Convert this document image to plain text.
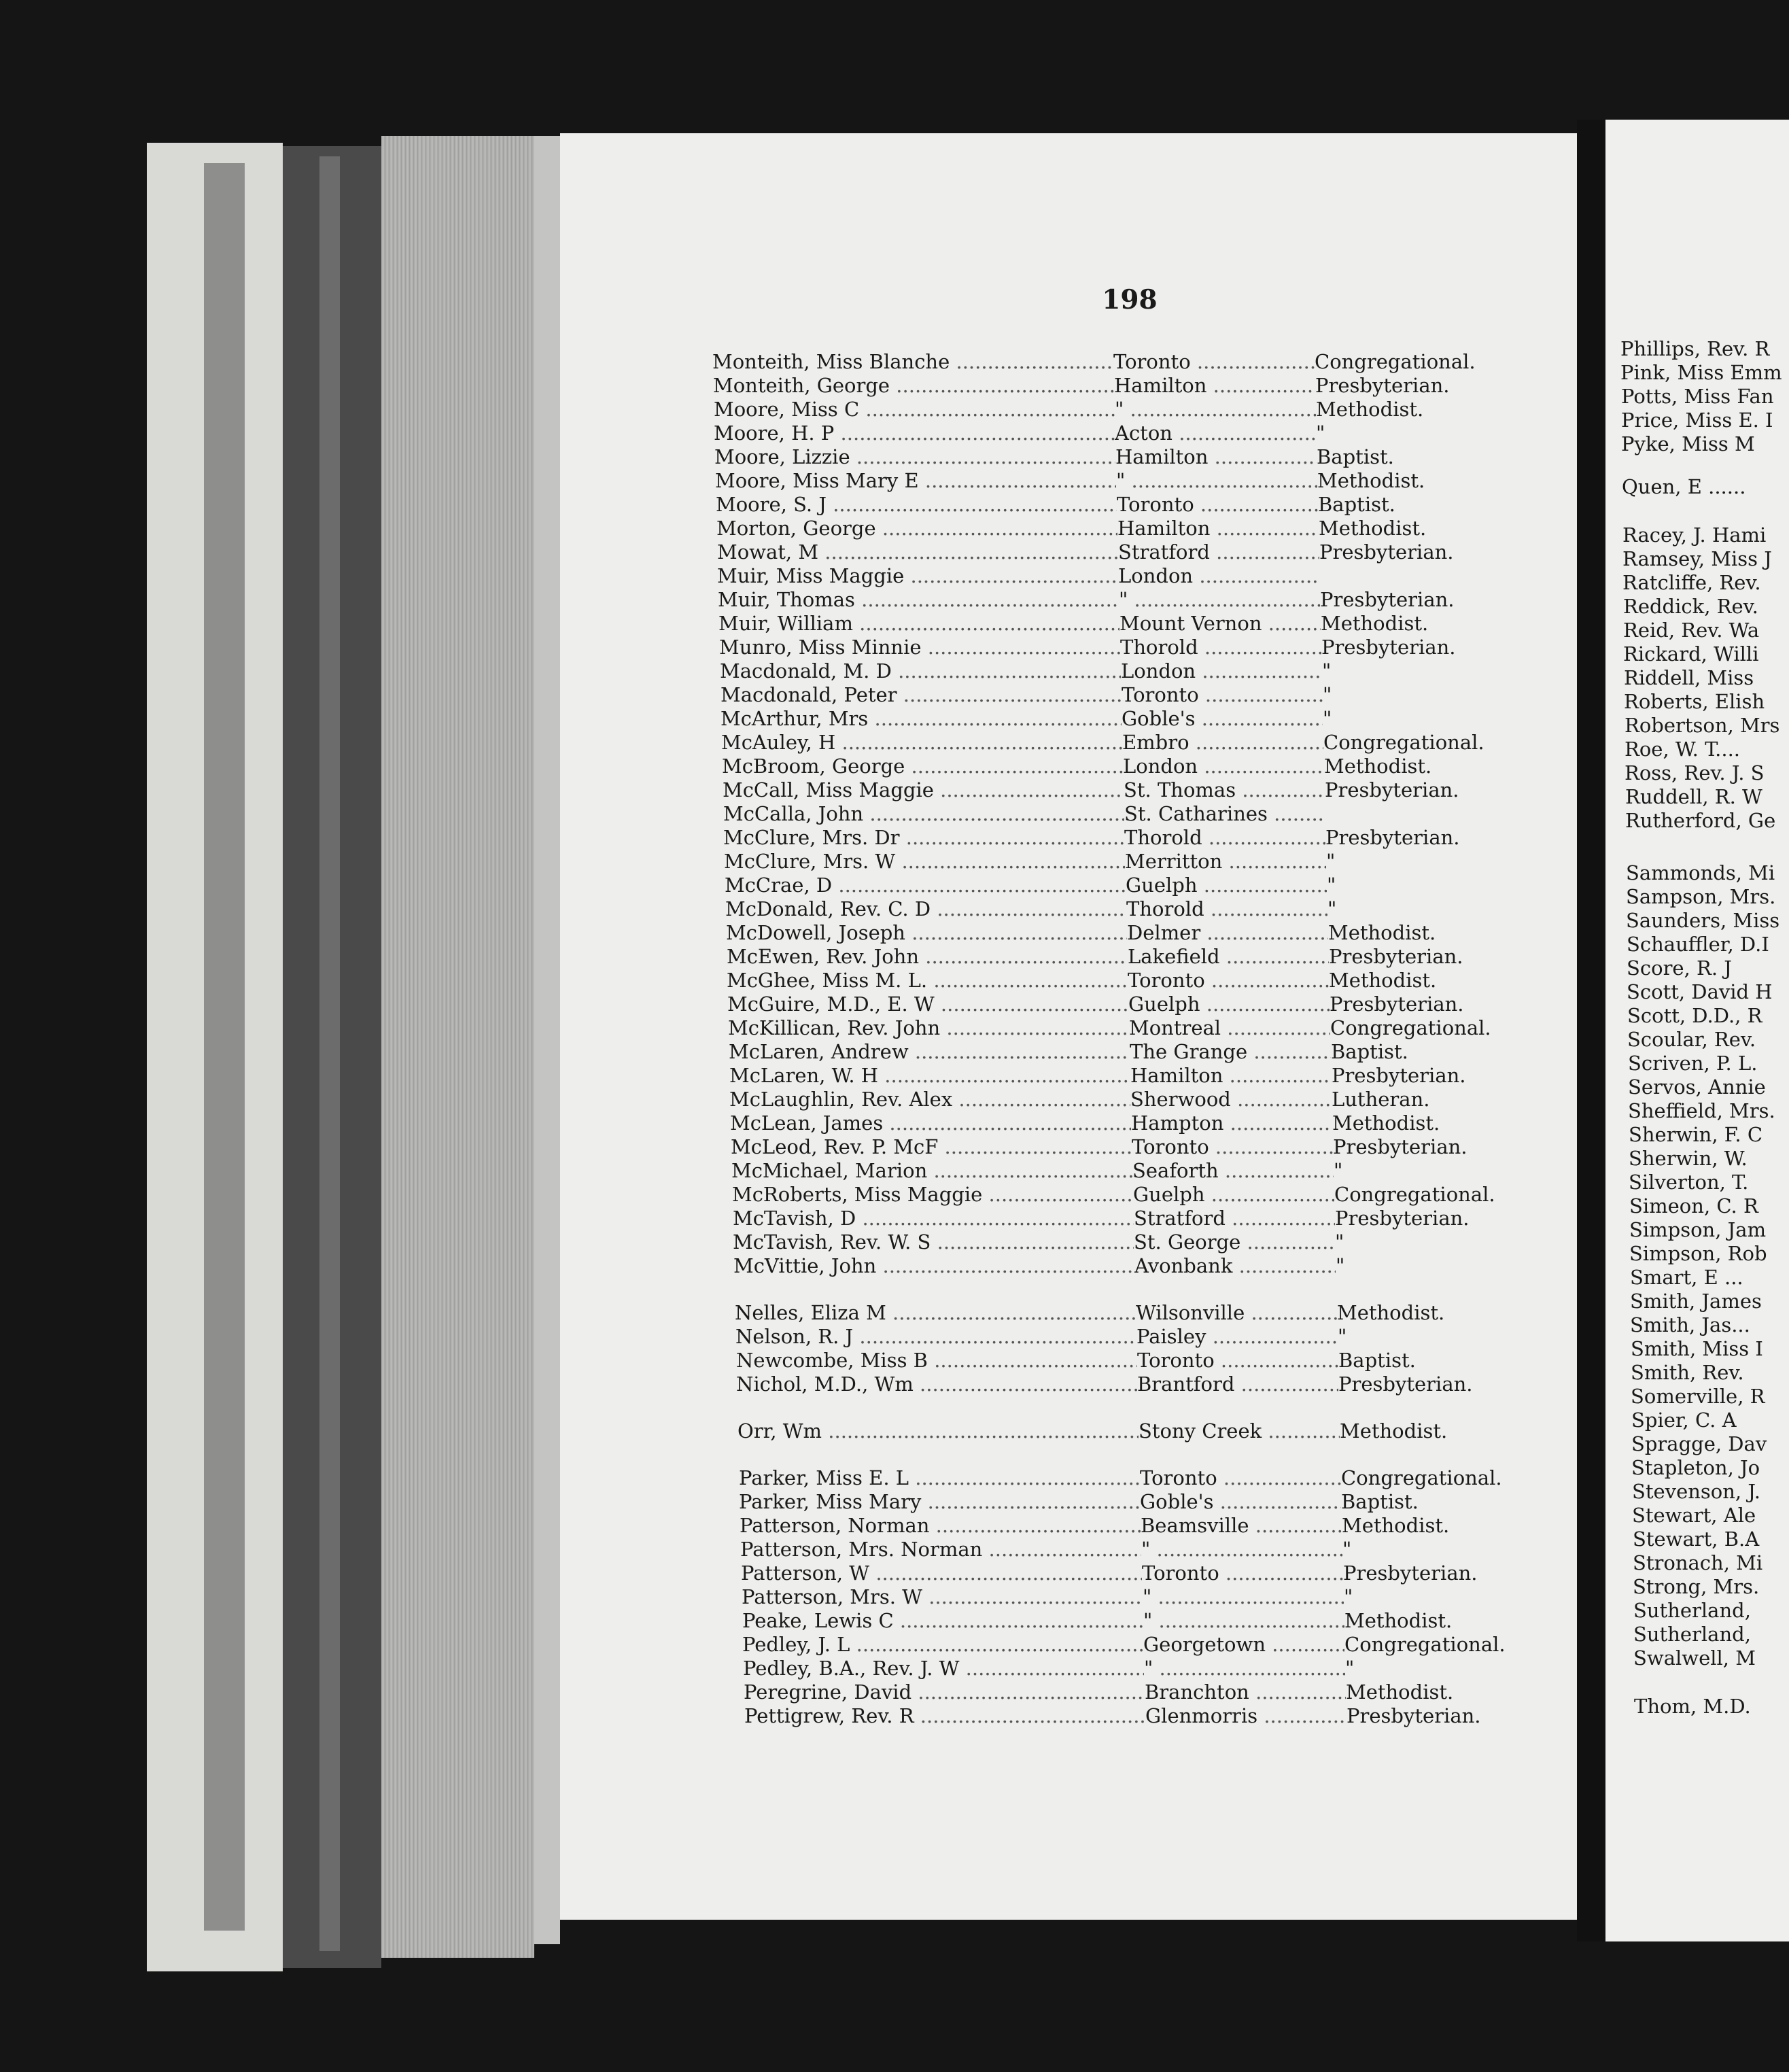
198
Monteith, Miss Blanche .....	Toronto .....	Congregational.
Monteith, George .....	Hamilton .....	Presbyterian.
Moore, Miss C .....	" .....	Methodist.
Moore, H. P .....	Acton .....	"
Moore, Lizzie .....	Hamilton .....	Baptist.
Moore, Miss Mary E .....	" .....	Methodist.
Moore, S. J .....	Toronto .....	Baptist.
Morton, George .....	Hamilton .....	Methodist.
Mowat, M .....	Stratford .....	Presbyterian.
Muir, Miss Maggie .....	London .....
Muir, Thomas .....	" .....	Presbyterian.
Muir, William .....	Mount Vernon .....	Methodist.
Munro, Miss Minnie .....	Thorold .....	Presbyterian.
Macdonald, M. D .....	London .....	"
Macdonald, Peter .....	Toronto .....	"
McArthur, Mrs .....	Goble's .....	"
McAuley, H .....	Embro .....	Congregational.
McBroom, George .....	London .....	Methodist.
McCall, Miss Maggie .....	St. Thomas .....	Presbyterian.
McCalla, John .....	St. Catharines .....
McClure, Mrs. Dr .....	Thorold .....	Presbyterian.
McClure, Mrs. W .....	Merritton .....	"
McCrae, D .....	Guelph .....	"
McDonald, Rev. C. D .....	Thorold .....	"
McDowell, Joseph .....	Delmer .....	Methodist.
McEwen, Rev. John .....	Lakefield .....	Presbyterian.
McGhee, Miss M. L. .....	Toronto .....	Methodist.
McGuire, M.D., E. W .....	Guelph .....	Presbyterian.
McKillican, Rev. John .....	Montreal .....	Congregational.
McLaren, Andrew .....	The Grange .....	Baptist.
McLaren, W. H .....	Hamilton .....	Presbyterian.
McLaughlin, Rev. Alex .....	Sherwood .....	Lutheran.
McLean, James .....	Hampton .....	Methodist.
McLeod, Rev. P. McF .....	Toronto .....	Presbyterian.
McMichael, Marion .....	Seaforth .....	"
McRoberts, Miss Maggie .....	Guelph .....	Congregational.
McTavish, D .....	Stratford .....	Presbyterian.
McTavish, Rev. W. S .....	St. George .....	"
McVittie, John .....	Avonbank .....	"
Nelles, Eliza M .....	Wilsonville .....	Methodist.
Nelson, R. J .....	Paisley .....	"
Newcombe, Miss B .....	Toronto .....	Baptist.
Nichol, M.D., Wm .....	Brantford .....	Presbyterian.
Orr, Wm .....	Stony Creek .....	Methodist.
Parker, Miss E. L .....	Toronto .....	Congregational.
Parker, Miss Mary .....	Goble's .....	Baptist.
Patterson, Norman .....	Beamsville .....	Methodist.
Patterson, Mrs. Norman .....	" .....	"
Patterson, W .....	Toronto .....	Presbyterian.
Patterson, Mrs. W .....	" .....	"
Peake, Lewis C .....	" .....	Methodist.
Pedley, J. L .....	Georgetown .....	Congregational.
Pedley, B.A., Rev. J. W .....	" .....	"
Peregrine, David .....	Branchton .....	Methodist.
Pettigrew, Rev. R .....	Glenmorris .....	Presbyterian.
Phillips, Rev. R
Pink, Miss Emm
Potts, Miss Fan
Price, Miss E. I
Pyke, Miss M
Quen, E ......
Racey, J. Hami
Ramsey, Miss J
Ratcliffe, Rev.
Reddick, Rev.
Reid, Rev. Wa
Rickard, Willi
Riddell, Miss
Roberts, Elish
Robertson, Mrs
Roe, W. T....
Ross, Rev. J. S
Ruddell, R. W
Rutherford, Ge
Sammonds, Mi
Sampson, Mrs.
Saunders, Miss
Schauffler, D.I
Score, R. J
Scott, David H
Scott, D.D., R
Scoular, Rev.
Scriven, P. L.
Servos, Annie
Sheffield, Mrs.
Sherwin, F. C
Sherwin, W.
Silverton, T.
Simeon, C. R
Simpson, Jam
Simpson, Rob
Smart, E ...
Smith, James
Smith, Jas...
Smith, Miss I
Smith, Rev.
Somerville, R
Spier, C. A
Spragge, Dav
Stapleton, Jo
Stevenson, J.
Stewart, Ale
Stewart, B.A
Stronach, Mi
Strong, Mrs.
Sutherland,
Sutherland,
Swalwell, M
Thom, M.D.
